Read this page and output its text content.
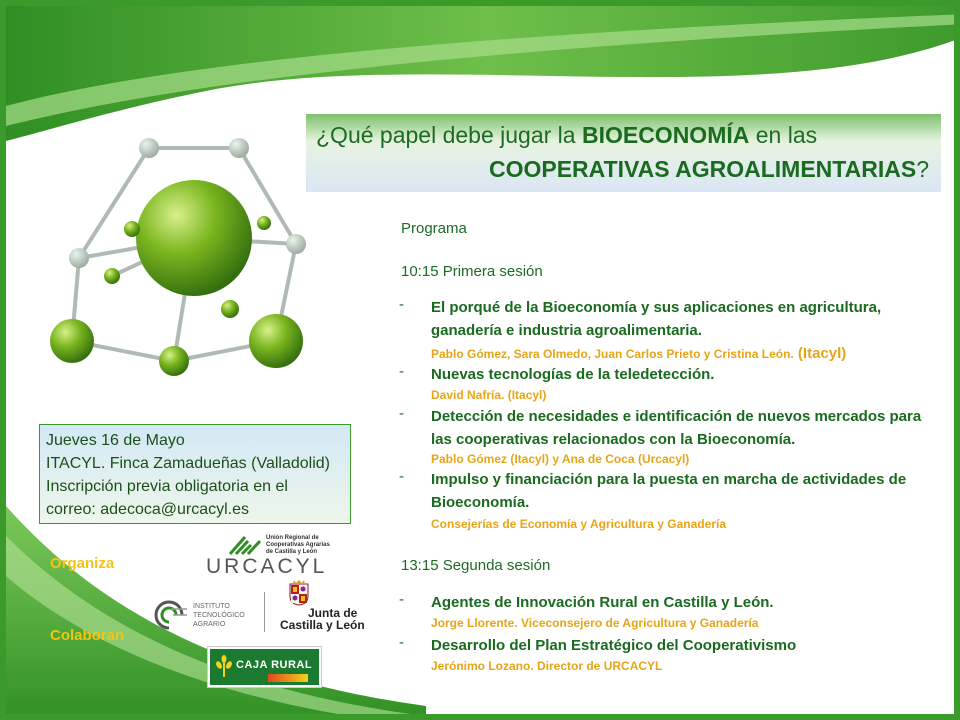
¿Qué papel debe jugar la BIOECONOMÍA en las
COOPERATIVAS AGROALIMENTARIAS?
Jueves 16 de Mayo
ITACYL. Finca Zamadueñas (Valladolid)
Inscripción previa obligatoria en el
correo: adecoca@urcacyl.es
Programa
10:15 Primera sesión
- El porqué de la Bioeconomía y sus aplicaciones en agricultura, ganadería e industria agroalimentaria.
Pablo Gómez, Sara Olmedo, Juan Carlos Prieto y Cristina León. (Itacyl)
- Nuevas tecnologías de la teledetección.
David Nafría. (Itacyl)
- Detección de necesidades e identificación de nuevos mercados para las cooperativas relacionados con la Bioeconomía.
Pablo Gómez (Itacyl) y Ana de Coca (Urcacyl)
- Impulso y financiación para la puesta en marcha de actividades de Bioeconomía.
Consejerías de Economía y Agricultura y Ganadería
13:15 Segunda sesión
- Agentes de Innovación Rural en Castilla y León.
Jorge Llorente. Viceconsejero de Agricultura y Ganadería
- Desarrollo del Plan Estratégico del Cooperativismo
Jerónimo Lozano. Director de URCACYL
Organiza
Colaboran
URCACYL
Unión Regional de
Cooperativas Agrarias
de Castilla y León
INSTITUTO
TECNOLÓGICO
AGRARIO
Junta de
Castilla y León
CAJA RURAL
